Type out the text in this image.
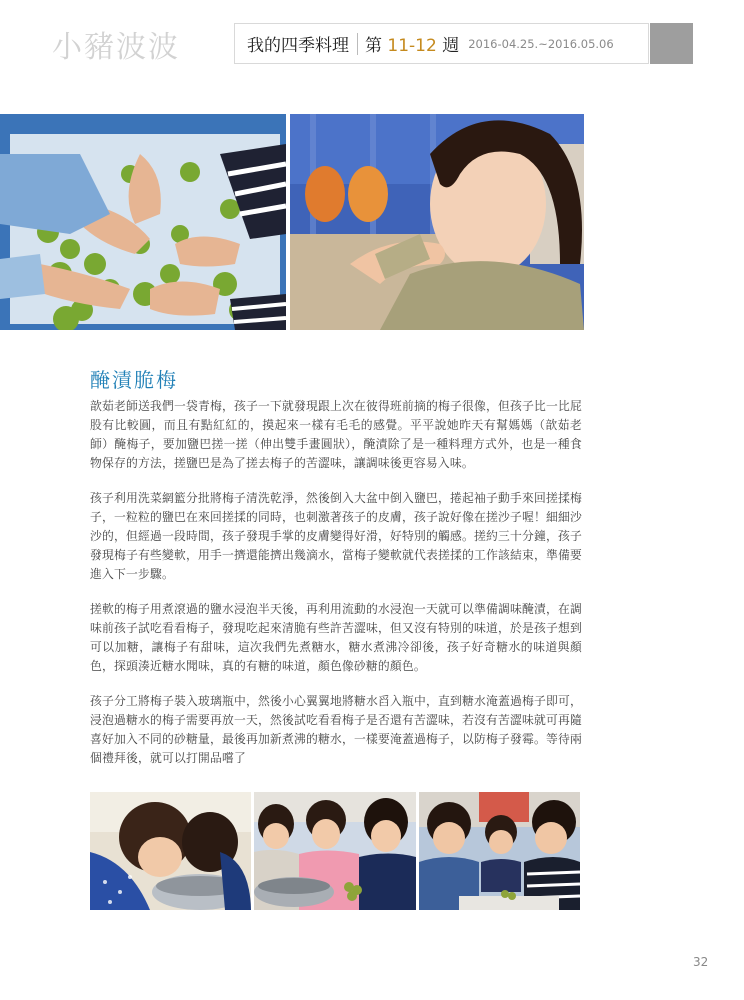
小豬波波	我的四季料理 第 11-12 週 2016-04.25.~2016.05.06
醃漬脆梅

歆茹老師送我們一袋青梅，孩子一下就發現跟上次在彼得班前摘的梅子很像，但孩子比一比屁股有比較圓，而且有點紅紅的，摸起來一樣有毛毛的感覺。平平說她昨天有幫媽媽（歆茹老師）醃梅子，要加鹽巴搓一搓（伸出雙手畫圓狀），醃漬除了是一種料理方式外，也是一種食物保存的方法，搓鹽巴是為了搓去梅子的苦澀味，讓調味後更容易入味。

孩子利用洗菜網籃分批將梅子清洗乾淨，然後倒入大盆中倒入鹽巴，捲起袖子動手來回搓揉梅子，一粒粒的鹽巴在來回搓揉的同時，也刺激著孩子的皮膚，孩子說好像在搓沙子喔！細細沙沙的，但經過一段時間，孩子發現手掌的皮膚變得好滑，好特別的觸感。搓約三十分鐘，孩子發現梅子有些變軟，用手一擠還能擠出幾滴水，當梅子變軟就代表搓揉的工作該結束，準備要進入下一步驟。

搓軟的梅子用煮滾過的鹽水浸泡半天後，再利用流動的水浸泡一天就可以準備調味醃漬，在調味前孩子試吃看看梅子，發現吃起來清脆有些許苦澀味，但又沒有特別的味道，於是孩子想到可以加糖，讓梅子有甜味，這次我們先煮糖水，糖水煮沸冷卻後，孩子好奇糖水的味道與顏色，探頭湊近糖水聞味，真的有糖的味道，顏色像砂糖的顏色。

孩子分工將梅子裝入玻璃瓶中，然後小心翼翼地將糖水舀入瓶中，直到糖水淹蓋過梅子即可，浸泡過糖水的梅子需要再放一天，然後試吃看看梅子是否還有苦澀味，若沒有苦澀味就可再隨喜好加入不同的砂糖量，最後再加新煮沸的糖水，一樣要淹蓋過梅子，以防梅子發霉。等待兩個禮拜後，就可以打開品嚐了

32
